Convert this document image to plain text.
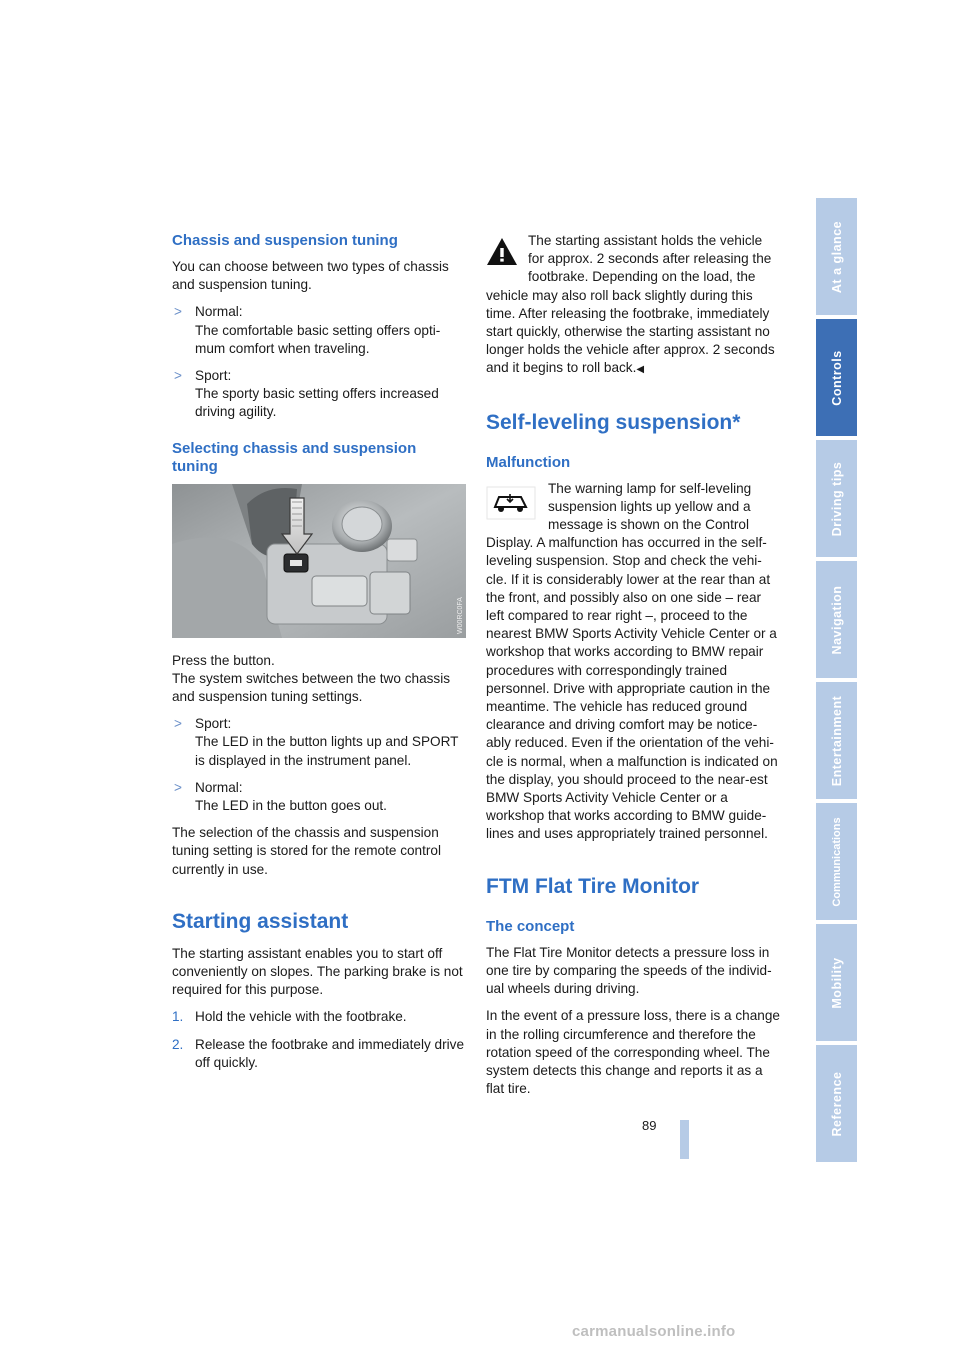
Chassis and suspension tuning

You can choose between two types of chassis and suspension tuning.

> Normal:
The comfortable basic setting offers opti-mum comfort when traveling.
> Sport:
The sporty basic setting offers increased driving agility.
Selecting chassis and suspension tuning
W00RC0FA

Press the button.

The system switches between the two chassis and suspension tuning settings.

> Sport:
The LED in the button lights up and SPORT is displayed in the instrument panel.
> Normal:
The LED in the button goes out.

The selection of the chassis and suspension tuning setting is stored for the remote control currently in use.

Starting assistant

The starting assistant enables you to start off conveniently on slopes. The parking brake is not required for this purpose.

1. Hold the vehicle with the footbrake.
2. Release the footbrake and immediately drive off quickly.

The starting assistant holds the vehicle for approx. 2 seconds after releasing the footbrake. Depending on the load, the vehicle may also roll back slightly during this time. After releasing the footbrake, immediately start quickly, otherwise the starting assistant no longer holds the vehicle after approx. 2 seconds and it begins to roll back.◀

Self-leveling suspension*
Malfunction

The warning lamp for self-leveling suspension lights up yellow and a message is shown on the Control Display. A malfunction has occurred in the self-leveling suspension. Stop and check the vehi-cle. If it is considerably lower at the rear than at the front, and possibly also on one side – rear left compared to rear right –, proceed to the nearest BMW Sports Activity Vehicle Center or a workshop that works according to BMW repair procedures with correspondingly trained personnel. Drive with appropriate caution in the meantime. The vehicle has reduced ground clearance and driving comfort may be notice-ably reduced. Even if the orientation of the vehi-cle is normal, when a malfunction is indicated on the display, you should proceed to the near-est BMW Sports Activity Vehicle Center or a workshop that works according to BMW guide-lines and uses appropriately trained personnel.

FTM Flat Tire Monitor
The concept

The Flat Tire Monitor detects a pressure loss in one tire by comparing the speeds of the individ-ual wheels during driving.

In the event of a pressure loss, there is a change in the rolling circumference and therefore the rotation speed of the corresponding wheel. The system detects this change and reports it as a flat tire.

At a glance
Controls
Driving tips
Navigation
Entertainment
Communications
Mobility
Reference
89
carmanualsonline.info
